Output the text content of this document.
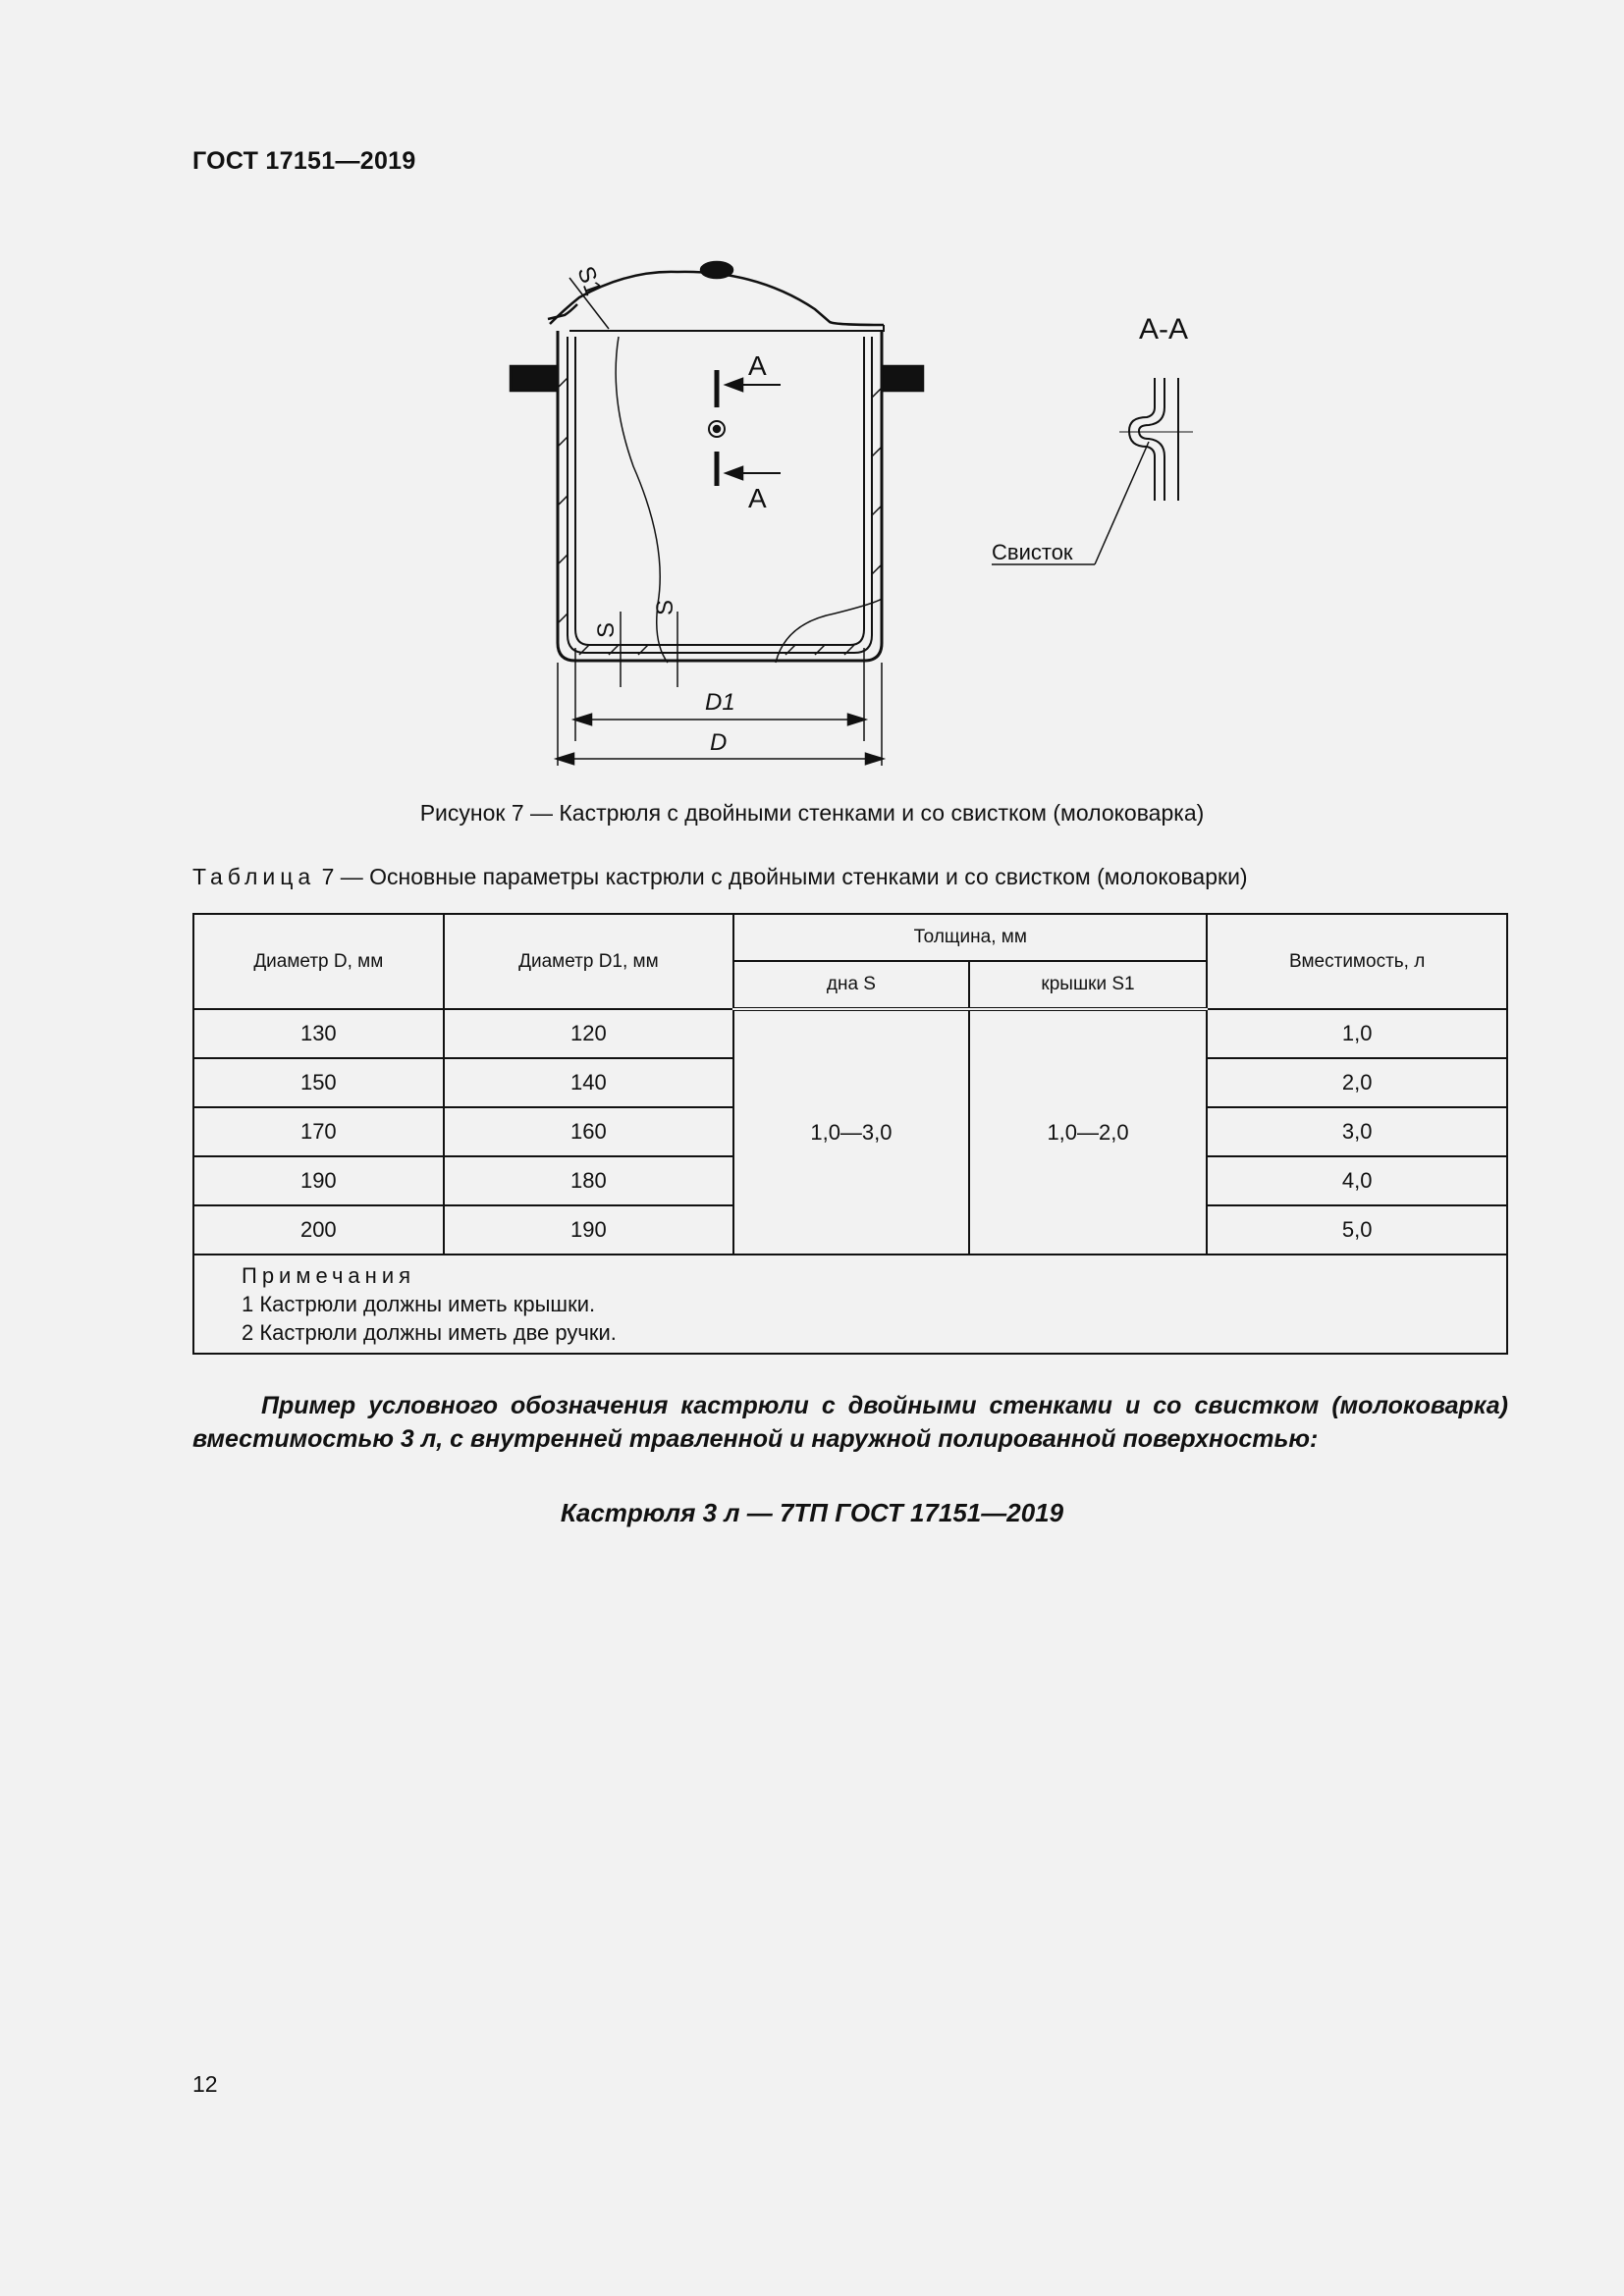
ГОСТ 17151—2019
S1
A
A
S
S
D1
D
А-А
Свисток
Рисунок 7 — Кастрюля с двойными стенками и со свистком (молоковарка)
Таблица 7 — Основные параметры кастрюли с двойными стенками и со свистком (молоковарки)
Диаметр D, мм	Диаметр D1, мм	Толщина, мм		Вместимость, л
		дна S	крышки S1	
130	120	1,0—3,0	1,0—2,0	1,0
150	140			2,0
170	160			3,0
190	180			4,0
200	190			5,0

Примечания
1 Кастрюли должны иметь крышки.
2 Кастрюли должны иметь две ручки.				
Пример условного обозначения кастрюли с двойными стенками и со свистком (молоковарка) вместимостью 3 л, с внутренней травленной и наружной полированной поверхностью:
Кастрюля 3 л — 7ТП ГОСТ 17151—2019
12
